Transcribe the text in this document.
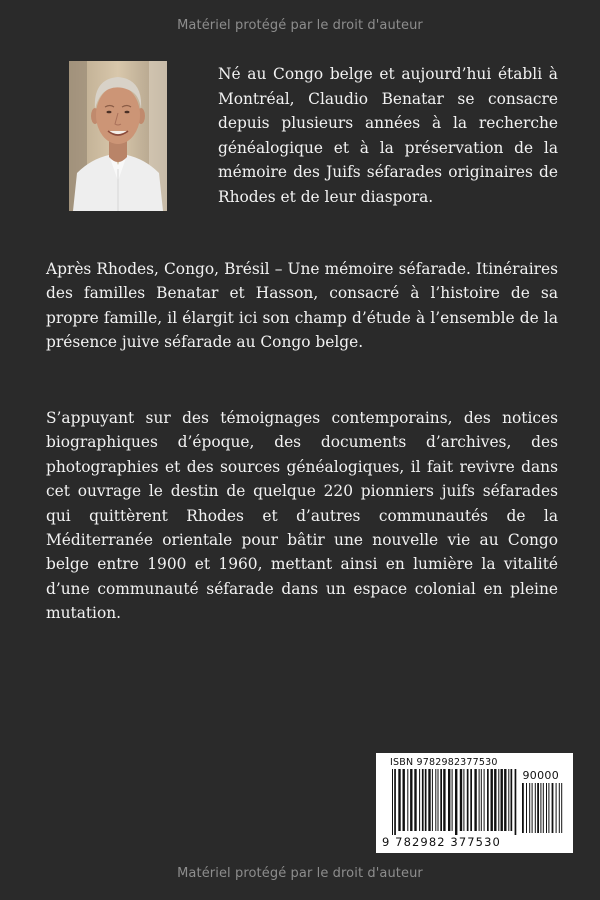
Matériel protégé par le droit d'auteur
Né au Congo belge et aujourd’hui établi à Montréal, Claudio Benatar se consacre depuis plusieurs années à la recherche généalogique et à la préservation de la mémoire des Juifs séfarades originaires de Rhodes et de leur diaspora.
Après Rhodes, Congo, Brésil – Une mémoire séfarade. Itinéraires des familles Benatar et Hasson, consacré à l’histoire de sa propre famille, il élargit ici son champ d’étude à l’ensemble de la présence juive séfarade au Congo belge.
S’appuyant sur des témoignages contemporains, des notices biographiques d’époque, des documents d’archives, des photographies et des sources généalogiques, il fait revivre dans cet ouvrage le destin de quelque 220 pionniers juifs séfarades qui quittèrent Rhodes et d’autres communautés de la Méditerranée orientale pour bâtir une nouvelle vie au Congo belge entre 1900 et 1960, mettant ainsi en lumière la vitalité d’une communauté séfarade dans un espace colonial en pleine mutation.
ISBN 9782982377530
90000
9 782982 377530
Matériel protégé par le droit d'auteur
